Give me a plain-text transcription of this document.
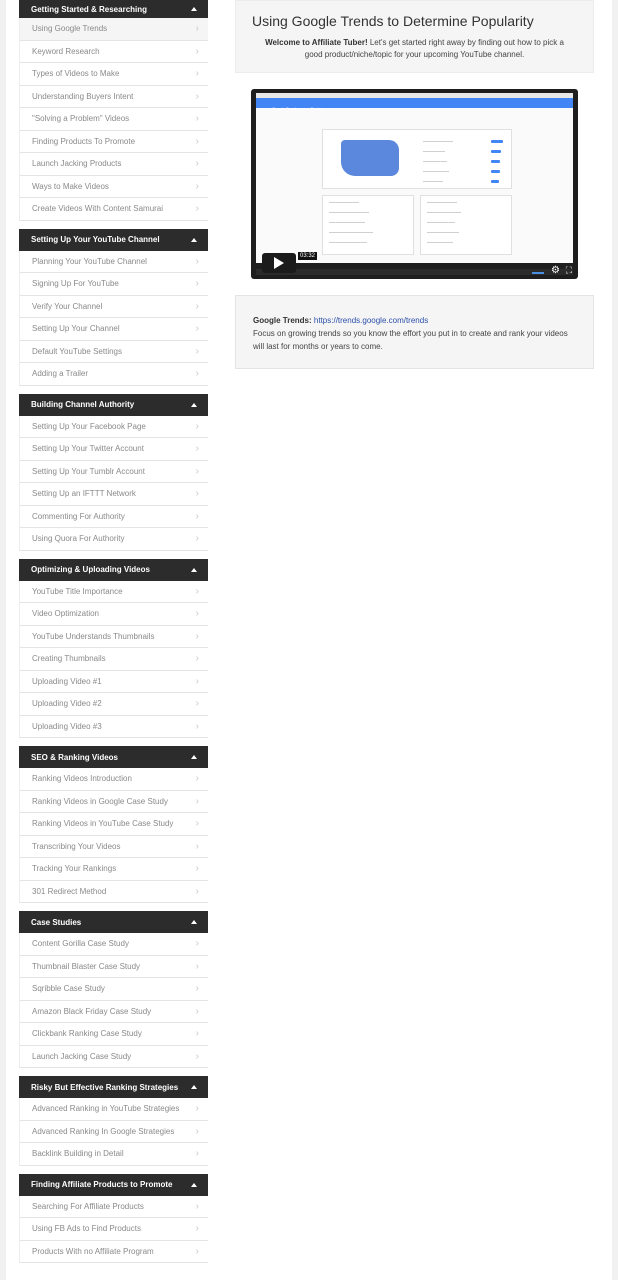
Getting Started & Researching
Using Google Trends	›
Keyword Research	›
Types of Videos to Make	›
Understanding Buyers Intent	›
"Solving a Problem" Videos	›
Finding Products To Promote	›
Launch Jacking Products	›
Ways to Make Videos	›
Create Videos With Content Samurai	›
Setting Up Your YouTube Channel
Planning Your YouTube Channel	›
Signing Up For YouTube	›
Verify Your Channel	›
Setting Up Your Channel	›
Default YouTube Settings	›
Adding a Trailer	›
Building Channel Authority
Setting Up Your Facebook Page	›
Setting Up Your Twitter Account	›
Setting Up Your Tumblr Account	›
Setting Up an IFTTT Network	›
Commenting For Authority	›
Using Quora For Authority	›
Optimizing & Uploading Videos
YouTube Title Importance	›
Video Optimization	›
YouTube Understands Thumbnails	›
Creating Thumbnails	›
Uploading Video #1	›
Uploading Video #2	›
Uploading Video #3	›
SEO & Ranking Videos
Ranking Videos Introduction	›
Ranking Videos in Google Case Study	›
Ranking Videos in YouTube Case Study ›
Transcribing Your Videos	›
Tracking Your Rankings	›
301 Redirect Method	›
Case Studies
Content Gorilla Case Study	›
Thumbnail Blaster Case Study	›
Sqribble Case Study	›
Amazon Black Friday Case Study	›
Clickbank Ranking Case Study	›
Launch Jacking Case Study	›
Risky But Effective Ranking Strategies
Advanced Ranking in YouTube Strategies ›
Advanced Ranking In Google Strategies ›
Backlink Building in Detail	›
Finding Affiliate Products to Promote
Searching For Affiliate Products	›
Using FB Ads to Find Products	›
Products With no Affiliate Program	›
Using Google Trends to Determine Popularity

Welcome to Affiliate Tuber! Let's get started right away by finding out how to pick a good product/niche/topic for your upcoming YouTube channel.

Google Trends	Explore
03:32
⚙ ⛶
Google Trends: https://trends.google.com/trends
Focus on growing trends so you know the effort you put in to create and rank your videos will last for months or years to come.
